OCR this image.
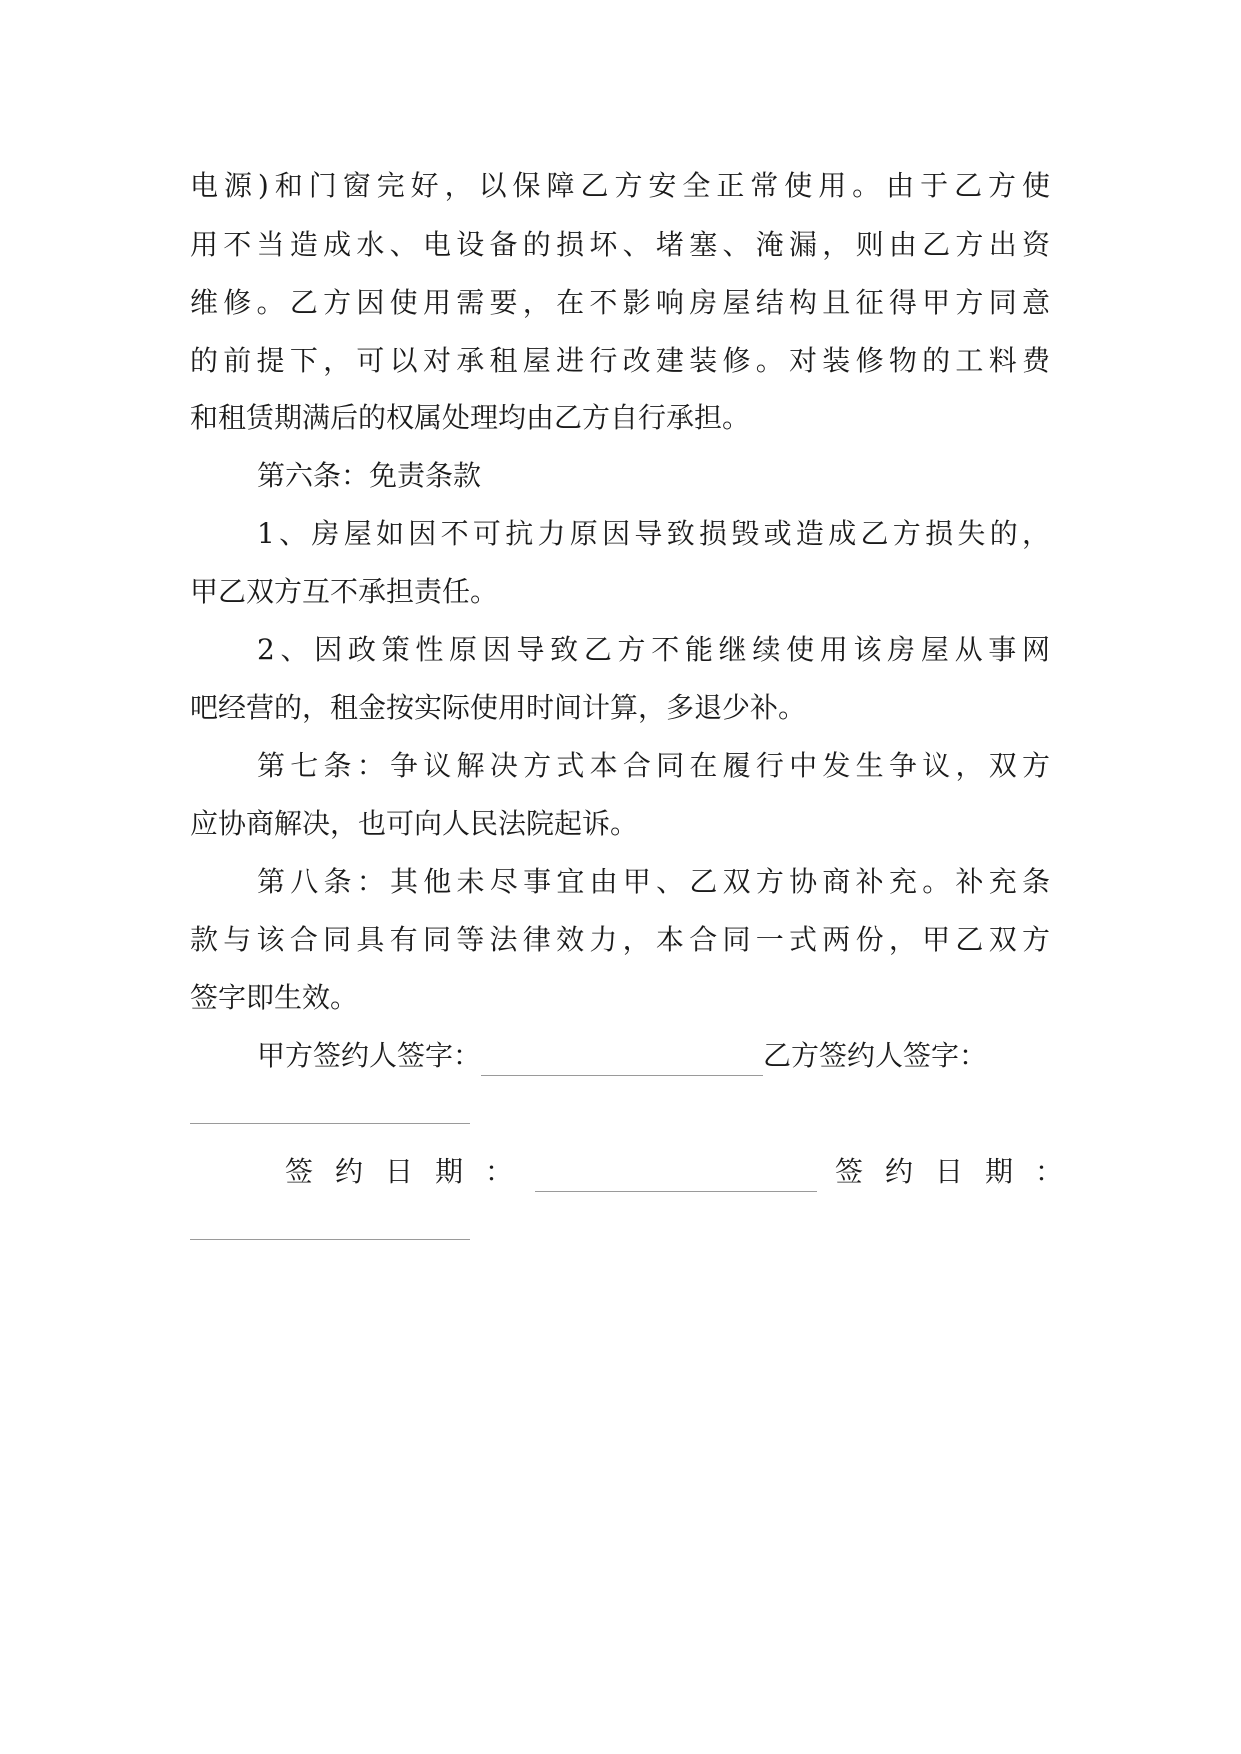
电源)和门窗完好，以保障乙方安全正常使用。由于乙方使
用不当造成水、电设备的损坏、堵塞、淹漏，则由乙方出资
维修。乙方因使用需要，在不影响房屋结构且征得甲方同意
的前提下，可以对承租屋进行改建装修。对装修物的工料费
和租赁期满后的权属处理均由乙方自行承担。
第六条：免责条款
1、房屋如因不可抗力原因导致损毁或造成乙方损失的，
甲乙双方互不承担责任。
2、因政策性原因导致乙方不能继续使用该房屋从事网
吧经营的，租金按实际使用时间计算，多退少补。
第七条：争议解决方式本合同在履行中发生争议，双方
应协商解决，也可向人民法院起诉。
第八条：其他未尽事宜由甲、乙双方协商补充。补充条
款与该合同具有同等法律效力，本合同一式两份，甲乙双方
签字即生效。
甲方签约人签字：	乙方签约人签字：
签约日期：	签约日期：
